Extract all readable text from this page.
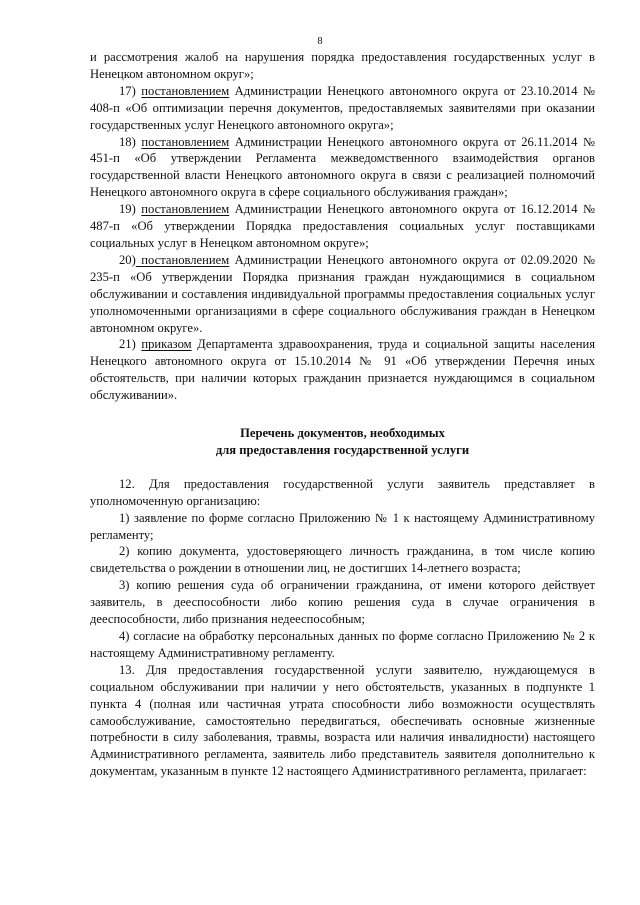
8

и рассмотрения жалоб на нарушения порядка предоставления государственных услуг в Ненецком автономном округ»;

17) постановлением Администрации Ненецкого автономного округа от 23.10.2014 № 408-п «Об оптимизации перечня документов, предоставляемых заявителями при оказании государственных услуг Ненецкого автономного округа»;

18) постановлением Администрации Ненецкого автономного округа от 26.11.2014 № 451-п «Об утверждении Регламента межведомственного взаимодействия органов государственной власти Ненецкого автономного округа в связи с реализацией полномочий Ненецкого автономного округа в сфере социального обслуживания граждан»;

19) постановлением Администрации Ненецкого автономного округа от 16.12.2014 № 487-п «Об утверждении Порядка предоставления социальных услуг поставщиками социальных услуг в Ненецком автономном округе»;

20) постановлением Администрации Ненецкого автономного округа от 02.09.2020 № 235-п «Об утверждении Порядка признания граждан нуждающимися в социальном обслуживании и составления индивидуальной программы предоставления социальных услуг уполномоченными организациями в сфере социального обслуживания граждан в Ненецком автономном округе».

21) приказом Департамента здравоохранения, труда и социальной защиты населения Ненецкого автономного округа от 15.10.2014 № 91 «Об утверждении Перечня иных обстоятельств, при наличии которых гражданин признается нуждающимся в социальном обслуживании».

Перечень документов, необходимых

для предоставления государственной услуги

12. Для предоставления государственной услуги заявитель представляет в уполномоченную организацию:

1) заявление по форме согласно Приложению № 1 к настоящему Административному регламенту;

2) копию документа, удостоверяющего личность гражданина, в том числе копию свидетельства о рождении в отношении лиц, не достигших 14-летнего возраста;

3) копию решения суда об ограничении гражданина, от имени которого действует заявитель, в дееспособности либо копию решения суда в случае ограничения в дееспособности, либо признания недееспособным;

4) согласие на обработку персональных данных по форме согласно Приложению № 2 к настоящему Административному регламенту.

13. Для предоставления государственной услуги заявителю, нуждающемуся в социальном обслуживании при наличии у него обстоятельств, указанных в подпункте 1 пункта 4 (полная или частичная утрата способности либо возможности осуществлять самообслуживание, самостоятельно передвигаться, обеспечивать основные жизненные потребности в силу заболевания, травмы, возраста или наличия инвалидности) настоящего Административного регламента, заявитель либо представитель заявителя дополнительно к документам, указанным в пункте 12 настоящего Административного регламента, прилагает:
